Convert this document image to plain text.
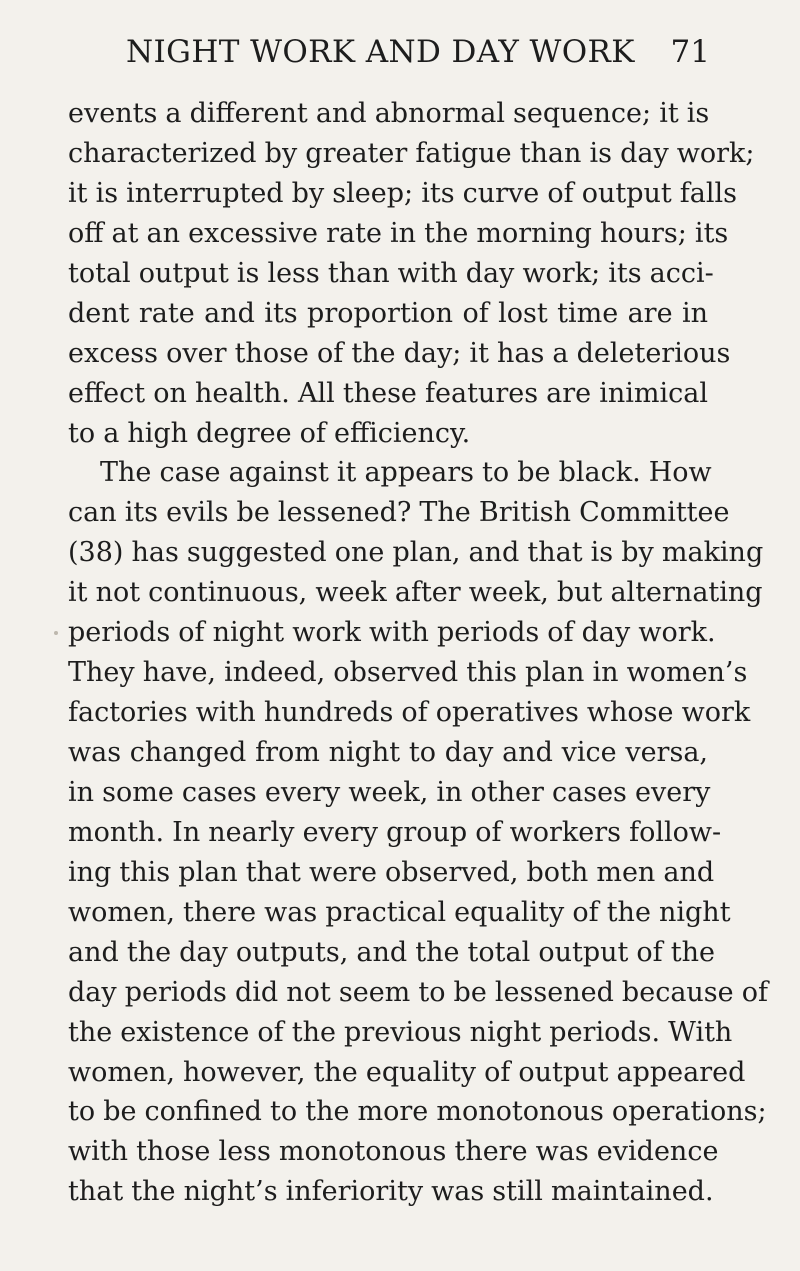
NIGHT WORK AND DAY WORK 71
events a different and abnormal sequence; it is
characterized by greater fatigue than is day work;
it is interrupted by sleep; its curve of output falls
off at an excessive rate in the morning hours; its
total output is less than with day work; its acci-
dent rate and its proportion of lost time are in
excess over those of the day; it has a deleterious
effect on health. All these features are inimical
to a high degree of efficiency.
The case against it appears to be black. How
can its evils be lessened? The British Committee
(38) has suggested one plan, and that is by making
it not continuous, week after week, but alternating
periods of night work with periods of day work.
They have, indeed, observed this plan in women’s
factories with hundreds of operatives whose work
was changed from night to day and vice versa,
in some cases every week, in other cases every
month. In nearly every group of workers follow-
ing this plan that were observed, both men and
women, there was practical equality of the night
and the day outputs, and the total output of the
day periods did not seem to be lessened because of
the existence of the previous night periods. With
women, however, the equality of output appeared
to be confined to the more monotonous operations;
with those less monotonous there was evidence
that the night’s inferiority was still maintained.
